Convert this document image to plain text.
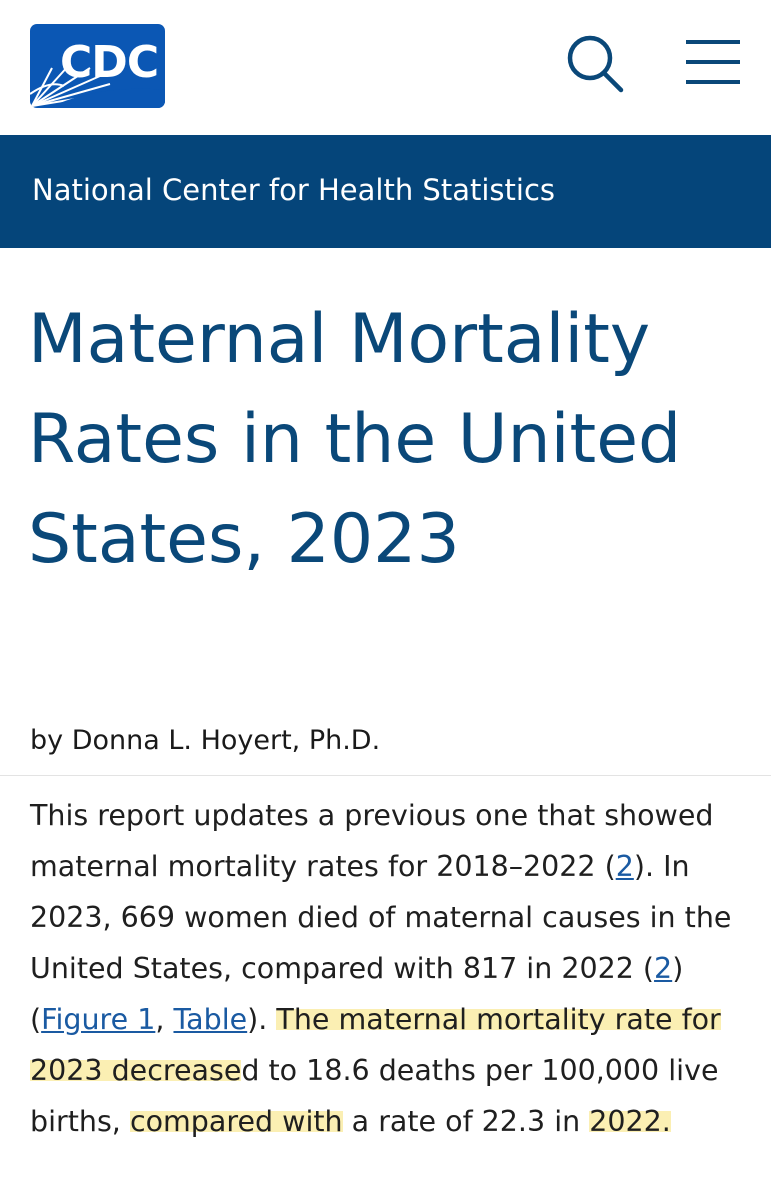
CDC
National Center for Health Statistics
Maternal Mortality Rates in the United States, 2023
by Donna L. Hoyert, Ph.D.

This report updates a previous one that showed maternal mortality rates for 2018–2022 (2). In 2023, 669 women died of maternal causes in the United States, compared with 817 in 2022 (2) (Figure 1, Table). The maternal mortality rate for 2023 decreased to 18.6 deaths per 100,000 live births, compared with a rate of 22.3 in 2022.
